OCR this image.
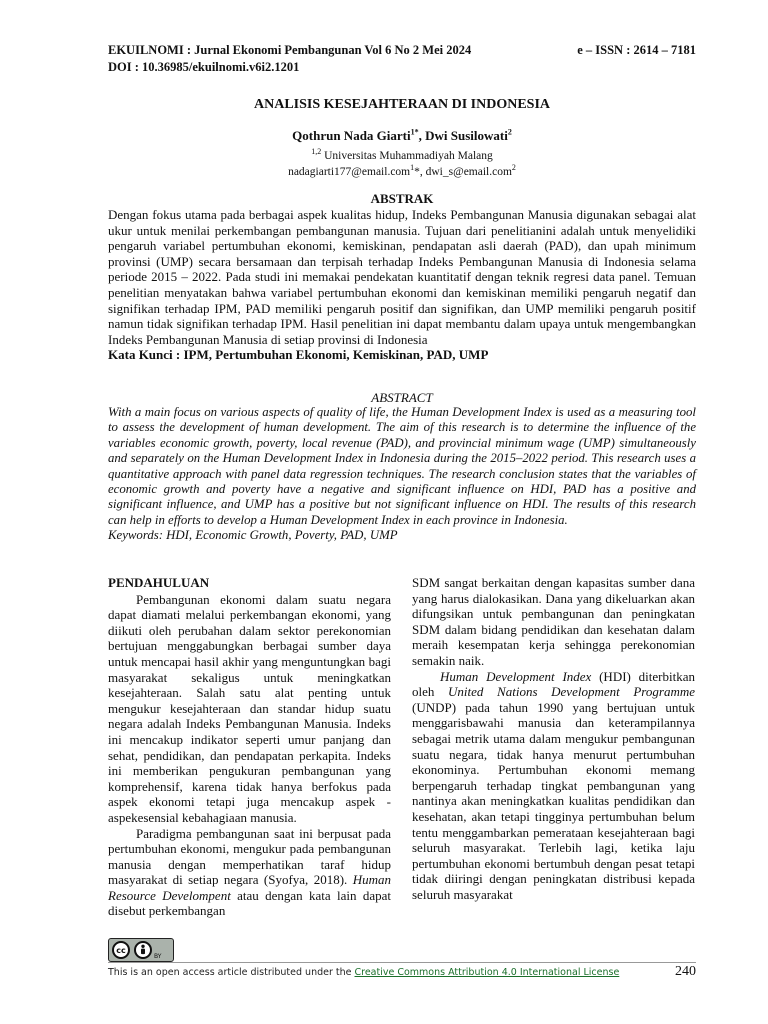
EKUILNOMI : Jurnal Ekonomi Pembangunan Vol 6 No 2 Mei 2024	e – ISSN : 2614 – 7181
DOI : 10.36985/ekuilnomi.v6i2.1201
ANALISIS KESEJAHTERAAN DI INDONESIA
Qothrun Nada Giarti$^{1*}$, Dwi Susilowati$^2$
$^{1,2}$ Universitas Muhammadiyah Malang
nadagiarti177@email.com$^1$*, dwi_s@email.com$^2$
ABSTRAK
Dengan fokus utama pada berbagai aspek kualitas hidup, Indeks Pembangunan Manusia digunakan sebagai alat ukur untuk menilai perkembangan pembangunan manusia. Tujuan dari penelitianini adalah untuk menyelidiki pengaruh variabel pertumbuhan ekonomi, kemiskinan, pendapatan asli daerah (PAD), dan upah minimum provinsi (UMP) secara bersamaan dan terpisah terhadap Indeks Pembangunan Manusia di Indonesia selama periode 2015 – 2022. Pada studi ini memakai pendekatan kuantitatif dengan teknik regresi data panel. Temuan penelitian menyatakan bahwa variabel pertumbuhan ekonomi dan kemiskinan memiliki pengaruh negatif dan signifikan terhadap IPM, PAD memiliki pengaruh positif dan signifikan, dan UMP memiliki pengaruh positif namun tidak signifikan terhadap IPM. Hasil penelitian ini dapat membantu dalam upaya untuk mengembangkan Indeks Pembangunan Manusia di setiap provinsi di Indonesia
Kata Kunci : IPM, Pertumbuhan Ekonomi, Kemiskinan, PAD, UMP
ABSTRACT
With a main focus on various aspects of quality of life, the Human Development Index is used as a measuring tool to assess the development of human development. The aim of this research is to determine the influence of the variables economic growth, poverty, local revenue (PAD), and provincial minimum wage (UMP) simultaneously and separately on the Human Development Index in Indonesia during the 2015–2022 period. This research uses a quantitative approach with panel data regression techniques. The research conclusion states that the variables of economic growth and poverty have a negative and significant influence on HDI, PAD has a positive and significant influence, and UMP has a positive but not significant influence on HDI. The results of this research can help in efforts to develop a Human Development Index in each province in Indonesia.
Keywords: HDI, Economic Growth, Poverty, PAD, UMP
PENDAHULUAN

Pembangunan ekonomi dalam suatu negara dapat diamati melalui perkembangan ekonomi, yang diikuti oleh perubahan dalam sektor perekonomian bertujuan menggabungkan berbagai sumber daya untuk mencapai hasil akhir yang menguntungkan bagi masyarakat sekaligus untuk meningkatkan kesejahteraan. Salah satu alat penting untuk mengukur kesejahteraan dan standar hidup suatu negara adalah Indeks Pembangunan Manusia. Indeks ini mencakup indikator seperti umur panjang dan sehat, pendidikan, dan pendapatan perkapita. Indeks ini memberikan pengukuran pembangunan yang komprehensif, karena tidak hanya berfokus pada aspek ekonomi tetapi juga mencakup aspek - aspekesensial kebahagiaan manusia.

Paradigma pembangunan saat ini berpusat pada pertumbuhan ekonomi, mengukur pada pembangunan manusia dengan memperhatikan taraf hidup masyarakat di setiap negara (Syofya, 2018). Human Resource Develompent atau dengan kata lain dapat disebut perkembangan

SDM sangat berkaitan dengan kapasitas sumber dana yang harus dialokasikan. Dana yang dikeluarkan akan difungsikan untuk pembangunan dan peningkatan SDM dalam bidang pendidikan dan kesehatan dalam meraih kesempatan kerja sehingga perekonomian semakin naik.

Human Development Index (HDI) diterbitkan oleh United Nations Development Programme (UNDP) pada tahun 1990 yang bertujuan untuk menggarisbawahi manusia dan keterampilannya sebagai metrik utama dalam mengukur pembangunan suatu negara, tidak hanya menurut pertumbuhan ekonominya. Pertumbuhan ekonomi memang berpengaruh terhadap tingkat pembangunan yang nantinya akan meningkatkan kualitas pendidikan dan kesehatan, akan tetapi tingginya pertumbuhan belum tentu menggambarkan pemerataan kesejahteraan bagi seluruh masyarakat. Terlebih lagi, ketika laju pertumbuhan ekonomi bertumbuh dengan pesat tetapi tidak diiringi dengan peningkatan distribusi kepada seluruh masyarakat

cc
BY
This is an open access article distributed under the Creative Commons Attribution 4.0 International License	240
